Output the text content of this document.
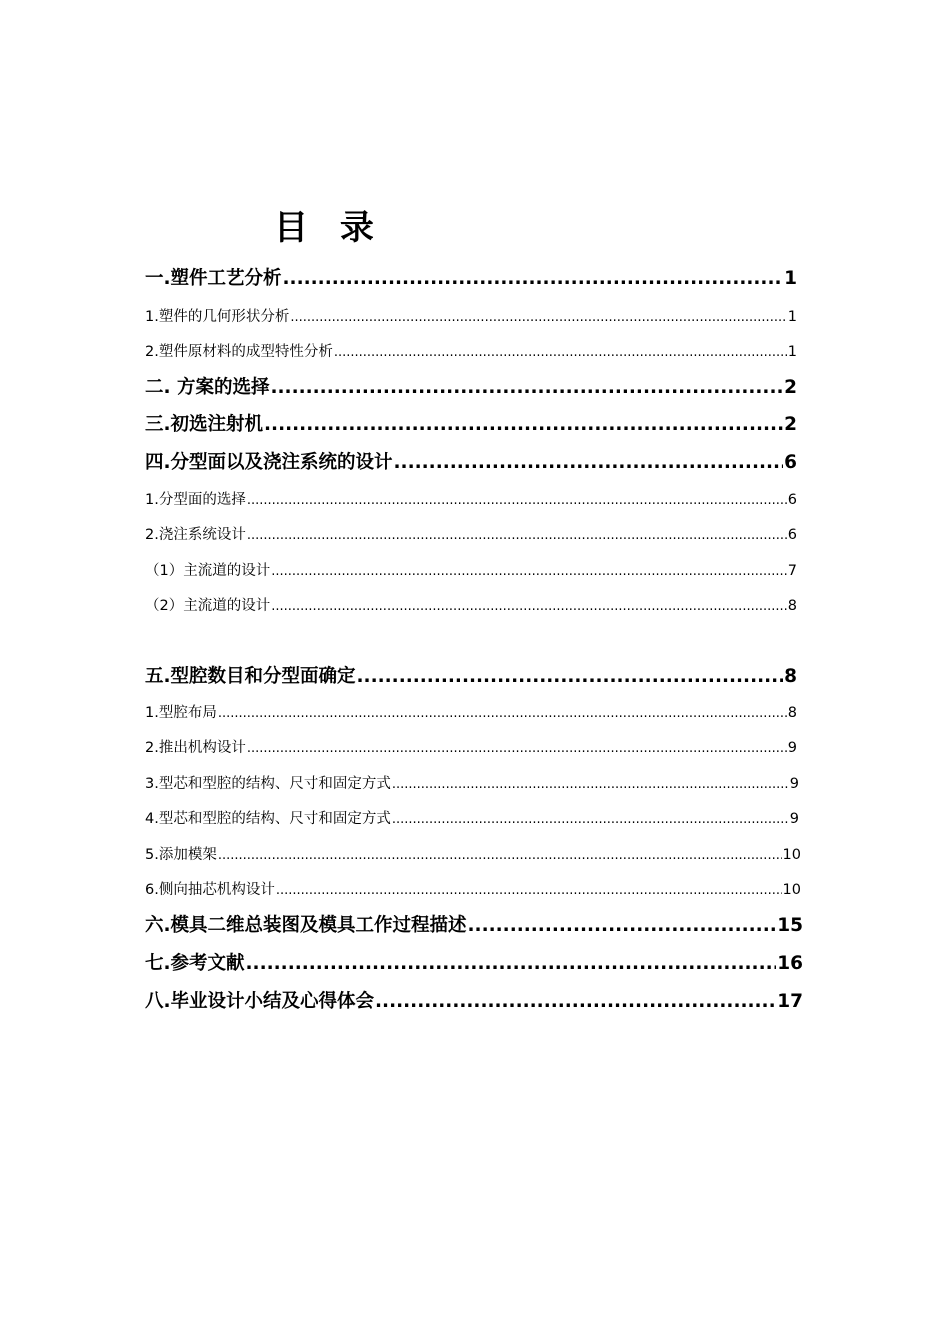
目 录
一.塑件工艺分析 .....	1
1.塑件的几何形状分析 .....	1
2.塑件原材料的成型特性分析 .....	1
二. 方案的选择 .....	2
三.初选注射机 .....	2
四.分型面以及浇注系统的设计 .....	6
1.分型面的选择 .....	6
2.浇注系统设计 .....	6
（1）主流道的设计 .....	7
（2）主流道的设计 .....	8
五.型腔数目和分型面确定 .....	8
1.型腔布局 .....	8
2.推出机构设计 .....	9
3.型芯和型腔的结构、尺寸和固定方式 .....	9
4.型芯和型腔的结构、尺寸和固定方式 .....	9
5.添加模架 .....	10
6.侧向抽芯机构设计 .....	10
六.模具二维总装图及模具工作过程描述 .....	15
七.参考文献 .....	16
八.毕业设计小结及心得体会 .....	17
